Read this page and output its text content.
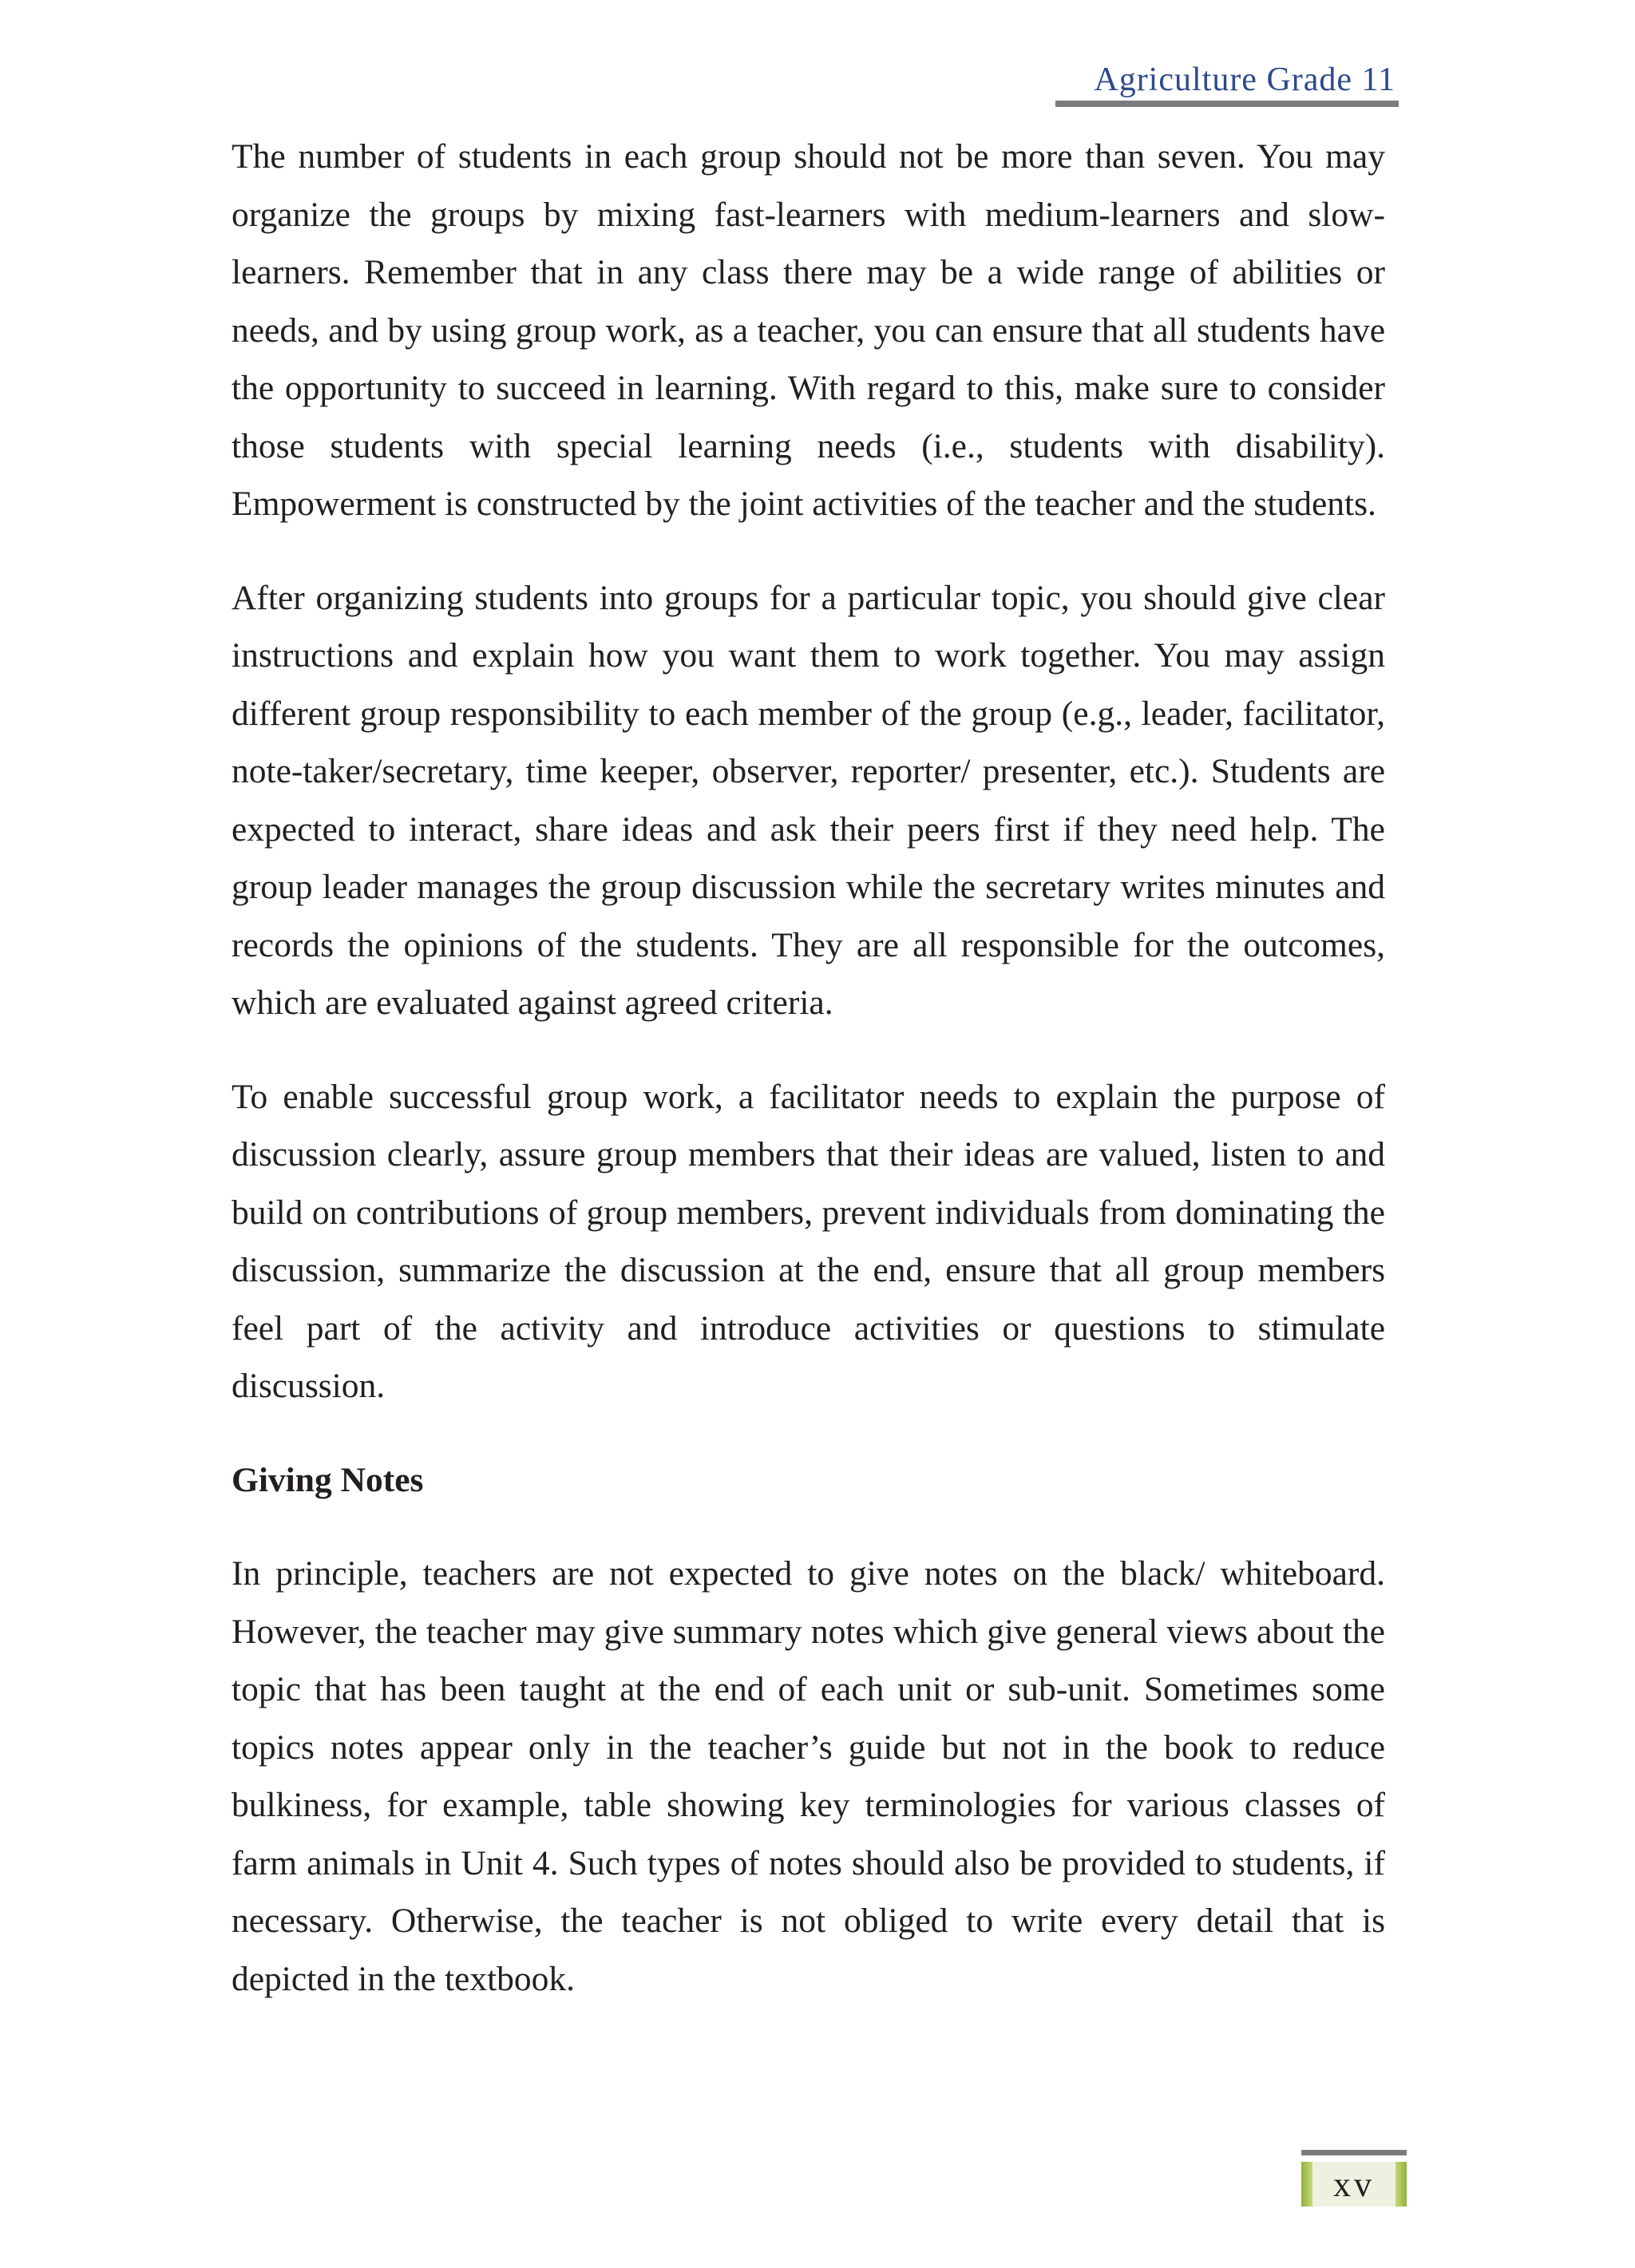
Agriculture Grade 11

The number of students in each group should not be more than seven. You may organize the groups by mixing fast-learners with medium-learners and slow-learners. Remember that in any class there may be a wide range of abilities or needs, and by using group work, as a teacher, you can ensure that all students have the opportunity to succeed in learning. With regard to this, make sure to consider those students with special learning needs (i.e., students with disability). Empowerment is constructed by the joint activities of the teacher and the students.

After organizing students into groups for a particular topic, you should give clear instructions and explain how you want them to work together. You may assign different group responsibility to each member of the group (e.g., leader, facilitator, note-taker/secretary, time keeper, observer, reporter/ presenter, etc.). Students are expected to interact, share ideas and ask their peers first if they need help. The group leader manages the group discussion while the secretary writes minutes and records the opinions of the students. They are all responsible for the outcomes, which are evaluated against agreed criteria.

To enable successful group work, a facilitator needs to explain the purpose of discussion clearly, assure group members that their ideas are valued, listen to and build on contributions of group members, prevent individuals from dominating the discussion, summarize the discussion at the end, ensure that all group members feel part of the activity and introduce activities or questions to stimulate discussion.

Giving Notes

In principle, teachers are not expected to give notes on the black/ whiteboard. However, the teacher may give summary notes which give general views about the topic that has been taught at the end of each unit or sub-unit. Sometimes some topics notes appear only in the teacher’s guide but not in the book to reduce bulkiness, for example, table showing key terminologies for various classes of farm animals in Unit 4. Such types of notes should also be provided to students, if necessary. Otherwise, the teacher is not obliged to write every detail that is depicted in the textbook.

xv
